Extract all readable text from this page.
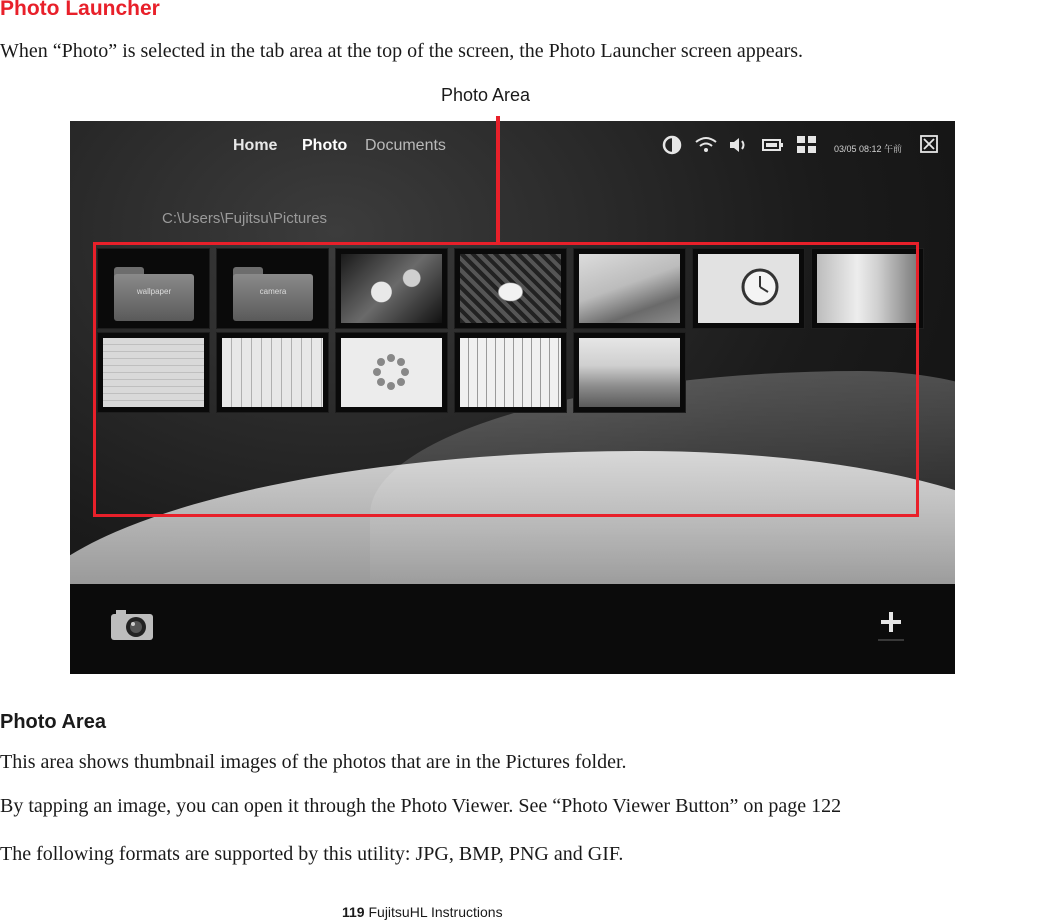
Photo Launcher
When “Photo” is selected in the tab area at the top of the screen, the Photo Launcher screen appears.
Photo Area
Home Photo Documents	03/05 08:12 午前
C:\Users\Fujitsu\Pictures
wallpaper	camera
Photo Area
This area shows thumbnail images of the photos that are in the Pictures folder.
By tapping an image, you can open it through the Photo Viewer. See “Photo Viewer Button” on page 122
The following formats are supported by this utility: JPG, BMP, PNG and GIF.
119 FujitsuHL Instructions
